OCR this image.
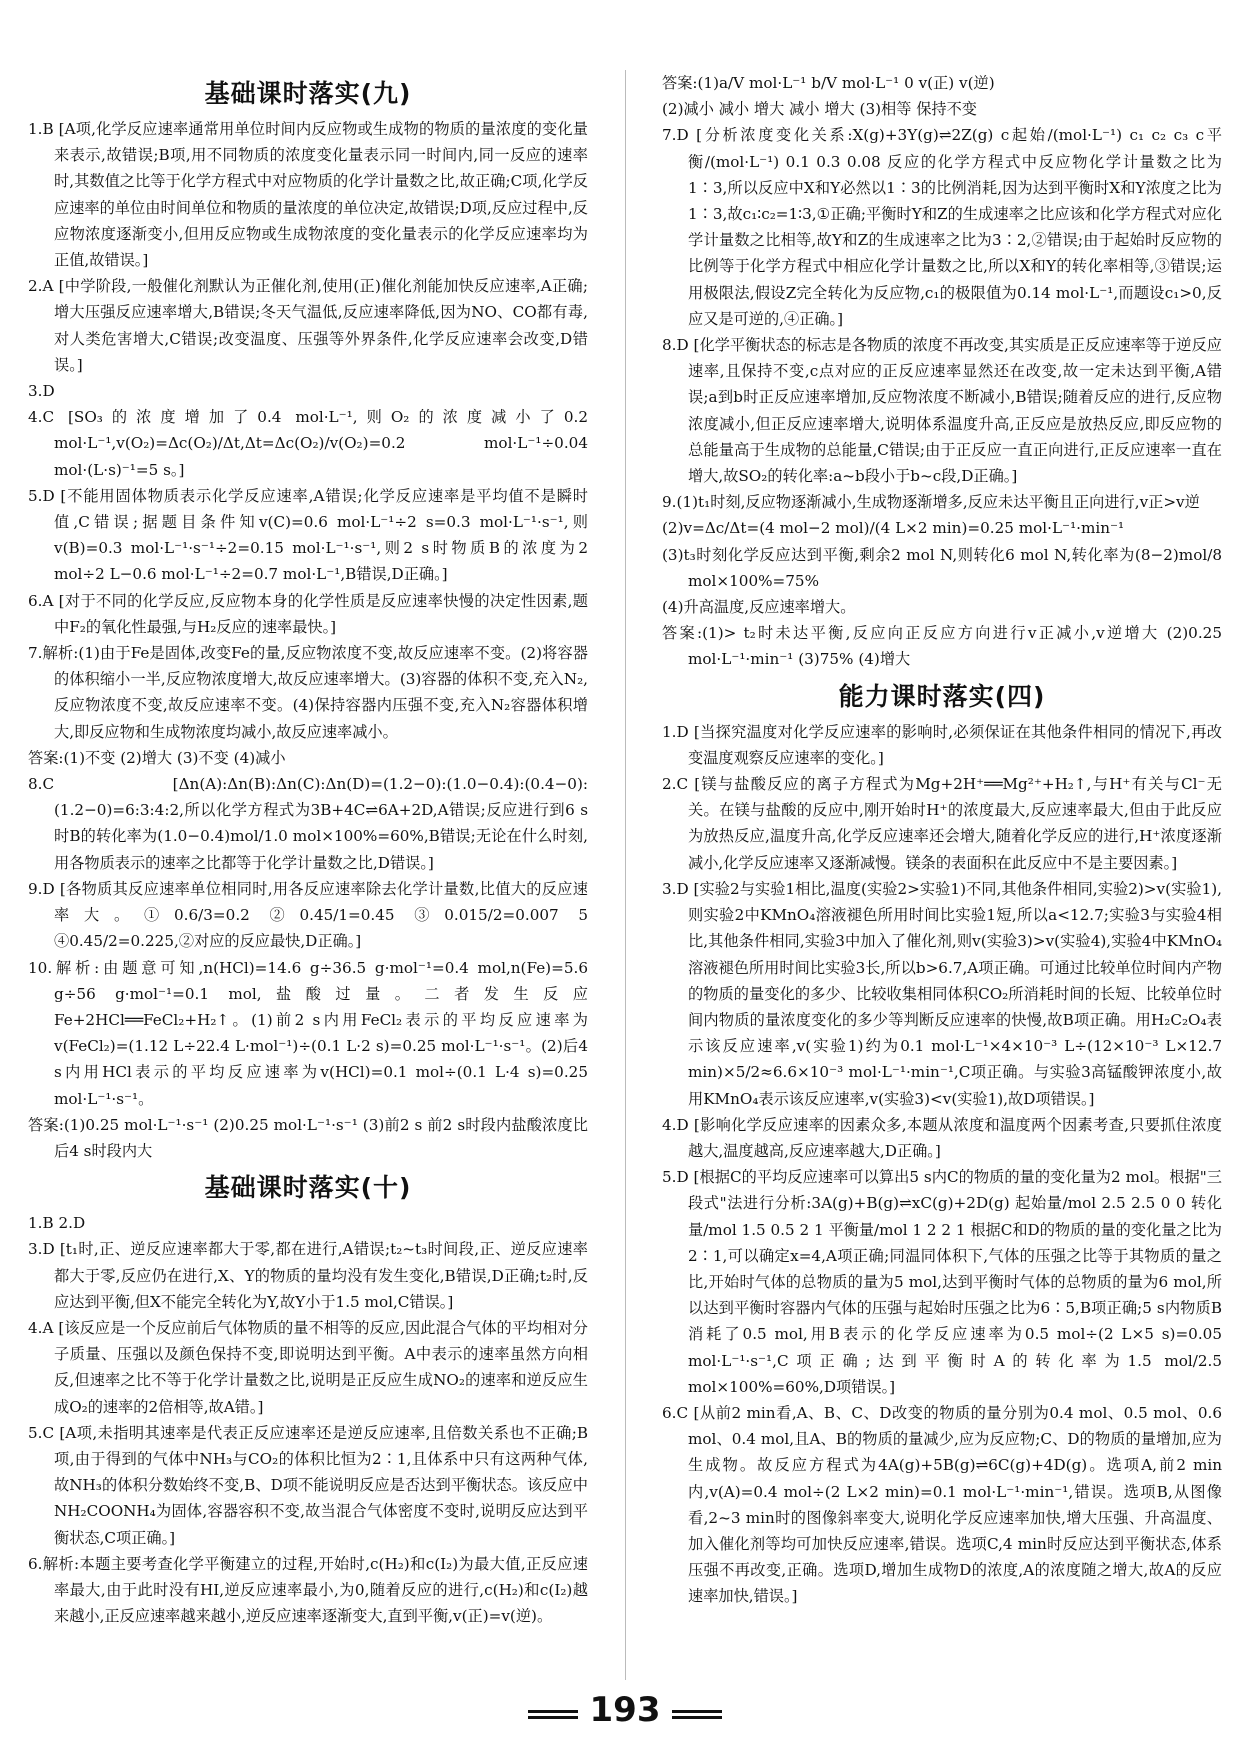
基础课时落实(九)

1.B [A项,化学反应速率通常用单位时间内反应物或生成物的物质的量浓度的变化量来表示,故错误;B项,用不同物质的浓度变化量表示同一时间内,同一反应的速率时,其数值之比等于化学方程式中对应物质的化学计量数之比,故正确;C项,化学反应速率的单位由时间单位和物质的量浓度的单位决定,故错误;D项,反应过程中,反应物浓度逐渐变小,但用反应物或生成物浓度的变化量表示的化学反应速率均为正值,故错误。]

2.A [中学阶段,一般催化剂默认为正催化剂,使用(正)催化剂能加快反应速率,A正确;增大压强反应速率增大,B错误;冬天气温低,反应速率降低,因为NO、CO都有毒,对人类危害增大,C错误;改变温度、压强等外界条件,化学反应速率会改变,D错误。]

3.D

4.C [SO₃的浓度增加了0.4 mol·L⁻¹,则O₂的浓度减小了0.2 mol·L⁻¹,v(O₂)=Δc(O₂)/Δt,Δt=Δc(O₂)/v(O₂)=0.2 mol·L⁻¹÷0.04 mol·(L·s)⁻¹=5 s。]

5.D [不能用固体物质表示化学反应速率,A错误;化学反应速率是平均值不是瞬时值,C错误;据题目条件知v(C)=0.6 mol·L⁻¹÷2 s=0.3 mol·L⁻¹·s⁻¹,则v(B)=0.3 mol·L⁻¹·s⁻¹÷2=0.15 mol·L⁻¹·s⁻¹,则2 s时物质B的浓度为2 mol÷2 L−0.6 mol·L⁻¹÷2=0.7 mol·L⁻¹,B错误,D正确。]

6.A [对于不同的化学反应,反应物本身的化学性质是反应速率快慢的决定性因素,题中F₂的氧化性最强,与H₂反应的速率最快。]

7.解析:(1)由于Fe是固体,改变Fe的量,反应物浓度不变,故反应速率不变。(2)将容器的体积缩小一半,反应物浓度增大,故反应速率增大。(3)容器的体积不变,充入N₂,反应物浓度不变,故反应速率不变。(4)保持容器内压强不变,充入N₂容器体积增大,即反应物和生成物浓度均减小,故反应速率减小。

答案:(1)不变 (2)增大 (3)不变 (4)减小

8.C [Δn(A):Δn(B):Δn(C):Δn(D)=(1.2−0):(1.0−0.4):(0.4−0):(1.2−0)=6:3:4:2,所以化学方程式为3B+4C⇌6A+2D,A错误;反应进行到6 s时B的转化率为(1.0−0.4)mol/1.0 mol×100%=60%,B错误;无论在什么时刻,用各物质表示的速率之比都等于化学计量数之比,D错误。]

9.D [各物质其反应速率单位相同时,用各反应速率除去化学计量数,比值大的反应速率大。①0.6/3=0.2 ②0.45/1=0.45 ③0.015/2=0.007 5 ④0.45/2=0.225,②对应的反应最快,D正确。]

10.解析:由题意可知,n(HCl)=14.6 g÷36.5 g·mol⁻¹=0.4 mol,n(Fe)=5.6 g÷56 g·mol⁻¹=0.1 mol,盐酸过量。二者发生反应Fe+2HCl══FeCl₂+H₂↑。(1)前2 s内用FeCl₂表示的平均反应速率为v(FeCl₂)=(1.12 L÷22.4 L·mol⁻¹)÷(0.1 L·2 s)=0.25 mol·L⁻¹·s⁻¹。(2)后4 s内用HCl表示的平均反应速率为v(HCl)=0.1 mol÷(0.1 L·4 s)=0.25 mol·L⁻¹·s⁻¹。

答案:(1)0.25 mol·L⁻¹·s⁻¹ (2)0.25 mol·L⁻¹·s⁻¹ (3)前2 s 前2 s时段内盐酸浓度比后4 s时段内大

基础课时落实(十)

1.B 2.D

3.D [t₁时,正、逆反应速率都大于零,都在进行,A错误;t₂~t₃时间段,正、逆反应速率都大于零,反应仍在进行,X、Y的物质的量均没有发生变化,B错误,D正确;t₂时,反应达到平衡,但X不能完全转化为Y,故Y小于1.5 mol,C错误。]

4.A [该反应是一个反应前后气体物质的量不相等的反应,因此混合气体的平均相对分子质量、压强以及颜色保持不变,即说明达到平衡。A中表示的速率虽然方向相反,但速率之比不等于化学计量数之比,说明是正反应生成NO₂的速率和逆反应生成O₂的速率的2倍相等,故A错。]

5.C [A项,未指明其速率是代表正反应速率还是逆反应速率,且倍数关系也不正确;B项,由于得到的气体中NH₃与CO₂的体积比恒为2∶1,且体系中只有这两种气体,故NH₃的体积分数始终不变,B、D项不能说明反应是否达到平衡状态。该反应中NH₂COONH₄为固体,容器容积不变,故当混合气体密度不变时,说明反应达到平衡状态,C项正确。]

6.解析:本题主要考查化学平衡建立的过程,开始时,c(H₂)和c(I₂)为最大值,正反应速率最大,由于此时没有HI,逆反应速率最小,为0,随着反应的进行,c(H₂)和c(I₂)越来越小,正反应速率越来越小,逆反应速率逐渐变大,直到平衡,v(正)=v(逆)。

答案:(1)a/V mol·L⁻¹ b/V mol·L⁻¹ 0 v(正) v(逆)

(2)减小 减小 增大 减小 增大 (3)相等 保持不变

7.D [分析浓度变化关系:X(g)+3Y(g)⇌2Z(g) c起始/(mol·L⁻¹) c₁ c₂ c₃ c平衡/(mol·L⁻¹) 0.1 0.3 0.08 反应的化学方程式中反应物化学计量数之比为1∶3,所以反应中X和Y必然以1∶3的比例消耗,因为达到平衡时X和Y浓度之比为1∶3,故c₁∶c₂=1∶3,①正确;平衡时Y和Z的生成速率之比应该和化学方程式对应化学计量数之比相等,故Y和Z的生成速率之比为3∶2,②错误;由于起始时反应物的比例等于化学方程式中相应化学计量数之比,所以X和Y的转化率相等,③错误;运用极限法,假设Z完全转化为反应物,c₁的极限值为0.14 mol·L⁻¹,而题设c₁>0,反应又是可逆的,④正确。]

8.D [化学平衡状态的标志是各物质的浓度不再改变,其实质是正反应速率等于逆反应速率,且保持不变,c点对应的正反应速率显然还在改变,故一定未达到平衡,A错误;a到b时正反应速率增加,反应物浓度不断减小,B错误;随着反应的进行,反应物浓度减小,但正反应速率增大,说明体系温度升高,正反应是放热反应,即反应物的总能量高于生成物的总能量,C错误;由于正反应一直正向进行,正反应速率一直在增大,故SO₂的转化率:a~b段小于b~c段,D正确。]

9.(1)t₁时刻,反应物逐渐减小,生成物逐渐增多,反应未达平衡且正向进行,v正>v逆

(2)v=Δc/Δt=(4 mol−2 mol)/(4 L×2 min)=0.25 mol·L⁻¹·min⁻¹

(3)t₃时刻化学反应达到平衡,剩余2 mol N,则转化6 mol N,转化率为(8−2)mol/8 mol×100%=75%

(4)升高温度,反应速率增大。

答案:(1)> t₂时未达平衡,反应向正反应方向进行v正减小,v逆增大 (2)0.25 mol·L⁻¹·min⁻¹ (3)75% (4)增大

能力课时落实(四)

1.D [当探究温度对化学反应速率的影响时,必须保证在其他条件相同的情况下,再改变温度观察反应速率的变化。]

2.C [镁与盐酸反应的离子方程式为Mg+2H⁺══Mg²⁺+H₂↑,与H⁺有关与Cl⁻无关。在镁与盐酸的反应中,刚开始时H⁺的浓度最大,反应速率最大,但由于此反应为放热反应,温度升高,化学反应速率还会增大,随着化学反应的进行,H⁺浓度逐渐减小,化学反应速率又逐渐减慢。镁条的表面积在此反应中不是主要因素。]

3.D [实验2与实验1相比,温度(实验2>实验1)不同,其他条件相同,实验2)>v(实验1),则实验2中KMnO₄溶液褪色所用时间比实验1短,所以a<12.7;实验3与实验4相比,其他条件相同,实验3中加入了催化剂,则v(实验3)>v(实验4),实验4中KMnO₄溶液褪色所用时间比实验3长,所以b>6.7,A项正确。可通过比较单位时间内产物的物质的量变化的多少、比较收集相同体积CO₂所消耗时间的长短、比较单位时间内物质的量浓度变化的多少等判断反应速率的快慢,故B项正确。用H₂C₂O₄表示该反应速率,v(实验1)约为0.1 mol·L⁻¹×4×10⁻³ L÷(12×10⁻³ L×12.7 min)×5/2≈6.6×10⁻³ mol·L⁻¹·min⁻¹,C项正确。与实验3高锰酸钾浓度小,故用KMnO₄表示该反应速率,v(实验3)<v(实验1),故D项错误。]

4.D [影响化学反应速率的因素众多,本题从浓度和温度两个因素考查,只要抓住浓度越大,温度越高,反应速率越大,D正确。]

5.D [根据C的平均反应速率可以算出5 s内C的物质的量的变化量为2 mol。根据"三段式"法进行分析:3A(g)+B(g)⇌xC(g)+2D(g) 起始量/mol 2.5 2.5 0 0 转化量/mol 1.5 0.5 2 1 平衡量/mol 1 2 2 1 根据C和D的物质的量的变化量之比为2∶1,可以确定x=4,A项正确;同温同体积下,气体的压强之比等于其物质的量之比,开始时气体的总物质的量为5 mol,达到平衡时气体的总物质的量为6 mol,所以达到平衡时容器内气体的压强与起始时压强之比为6∶5,B项正确;5 s内物质B消耗了0.5 mol,用B表示的化学反应速率为0.5 mol÷(2 L×5 s)=0.05 mol·L⁻¹·s⁻¹,C项正确;达到平衡时A的转化率为1.5 mol/2.5 mol×100%=60%,D项错误。]

6.C [从前2 min看,A、B、C、D改变的物质的量分别为0.4 mol、0.5 mol、0.6 mol、0.4 mol,且A、B的物质的量减少,应为反应物;C、D的物质的量增加,应为生成物。故反应方程式为4A(g)+5B(g)⇌6C(g)+4D(g)。选项A,前2 min内,v(A)=0.4 mol÷(2 L×2 min)=0.1 mol·L⁻¹·min⁻¹,错误。选项B,从图像看,2~3 min时的图像斜率变大,说明化学反应速率加快,增大压强、升高温度、加入催化剂等均可加快反应速率,错误。选项C,4 min时反应达到平衡状态,体系压强不再改变,正确。选项D,增加生成物D的浓度,A的浓度随之增大,故A的反应速率加快,错误。]

193
